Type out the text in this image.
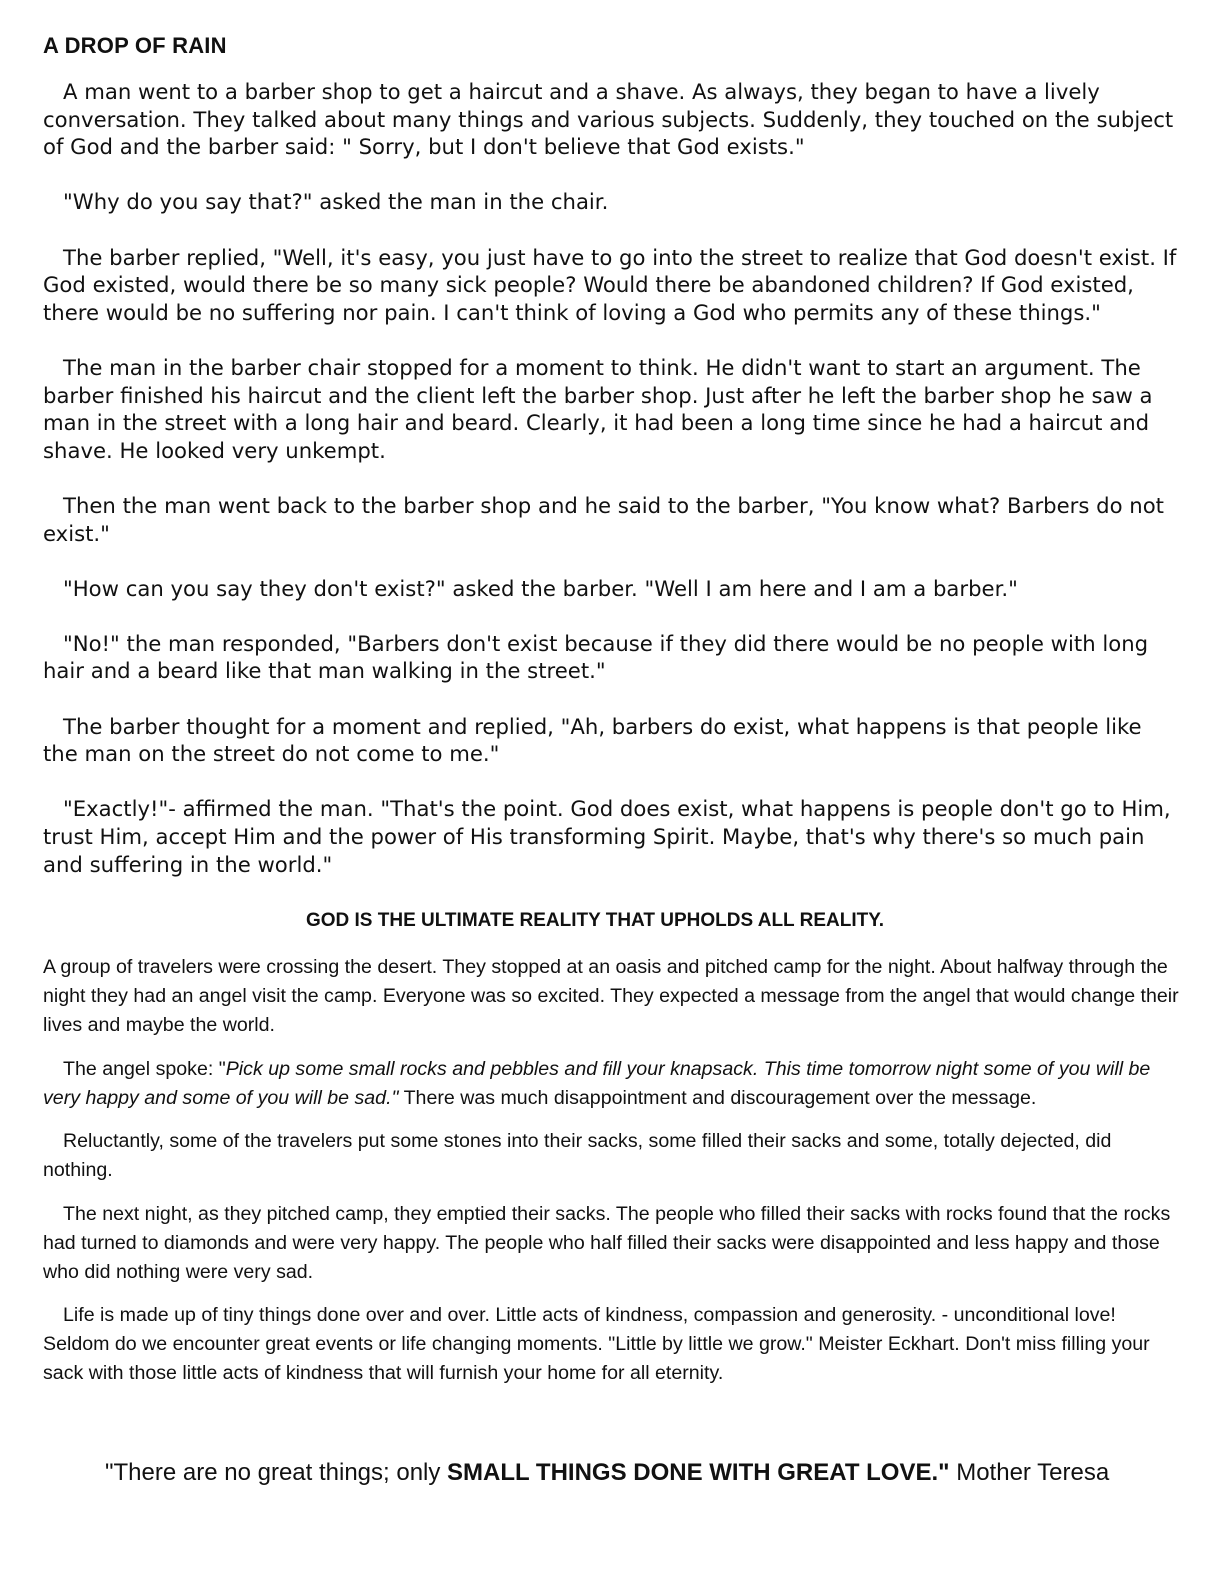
A DROP OF RAIN

A man went to a barber shop to get a haircut and a shave. As always, they began to have a lively conversation. They talked about many things and various subjects. Suddenly, they touched on the subject of God and the barber said: " Sorry, but I don't believe that God exists."

"Why do you say that?" asked the man in the chair.

The barber replied, "Well, it's easy, you just have to go into the street to realize that God doesn't exist. If God existed, would there be so many sick people? Would there be abandoned children? If God existed, there would be no suffering nor pain. I can't think of loving a God who permits any of these things."

The man in the barber chair stopped for a moment to think. He didn't want to start an argument. The barber finished his haircut and the client left the barber shop. Just after he left the barber shop he saw a man in the street with a long hair and beard. Clearly, it had been a long time since he had a haircut and shave. He looked very unkempt.

Then the man went back to the barber shop and he said to the barber, "You know what? Barbers do not exist."

"How can you say they don't exist?" asked the barber. "Well I am here and I am a barber."

"No!" the man responded, "Barbers don't exist because if they did there would be no people with long hair and a beard like that man walking in the street."

The barber thought for a moment and replied, "Ah, barbers do exist, what happens is that people like the man on the street do not come to me."

"Exactly!"- affirmed the man. "That's the point. God does exist, what happens is people don't go to Him, trust Him, accept Him and the power of His transforming Spirit. Maybe, that's why there's so much pain and suffering in the world."

GOD IS THE ULTIMATE REALITY THAT UPHOLDS ALL REALITY.

A group of travelers were crossing the desert. They stopped at an oasis and pitched camp for the night. About halfway through the night they had an angel visit the camp. Everyone was so excited. They expected a message from the angel that would change their lives and maybe the world.

The angel spoke: "Pick up some small rocks and pebbles and fill your knapsack. This time tomorrow night some of you will be very happy and some of you will be sad." There was much disappointment and discouragement over the message.

Reluctantly, some of the travelers put some stones into their sacks, some filled their sacks and some, totally dejected, did nothing.

The next night, as they pitched camp, they emptied their sacks. The people who filled their sacks with rocks found that the rocks had turned to diamonds and were very happy. The people who half filled their sacks were disappointed and less happy and those who did nothing were very sad.

Life is made up of tiny things done over and over. Little acts of kindness, compassion and generosity. - unconditional love! Seldom do we encounter great events or life changing moments. "Little by little we grow." Meister Eckhart. Don't miss filling your sack with those little acts of kindness that will furnish your home for all eternity.

"There are no great things; only SMALL THINGS DONE WITH GREAT LOVE." Mother Teresa
